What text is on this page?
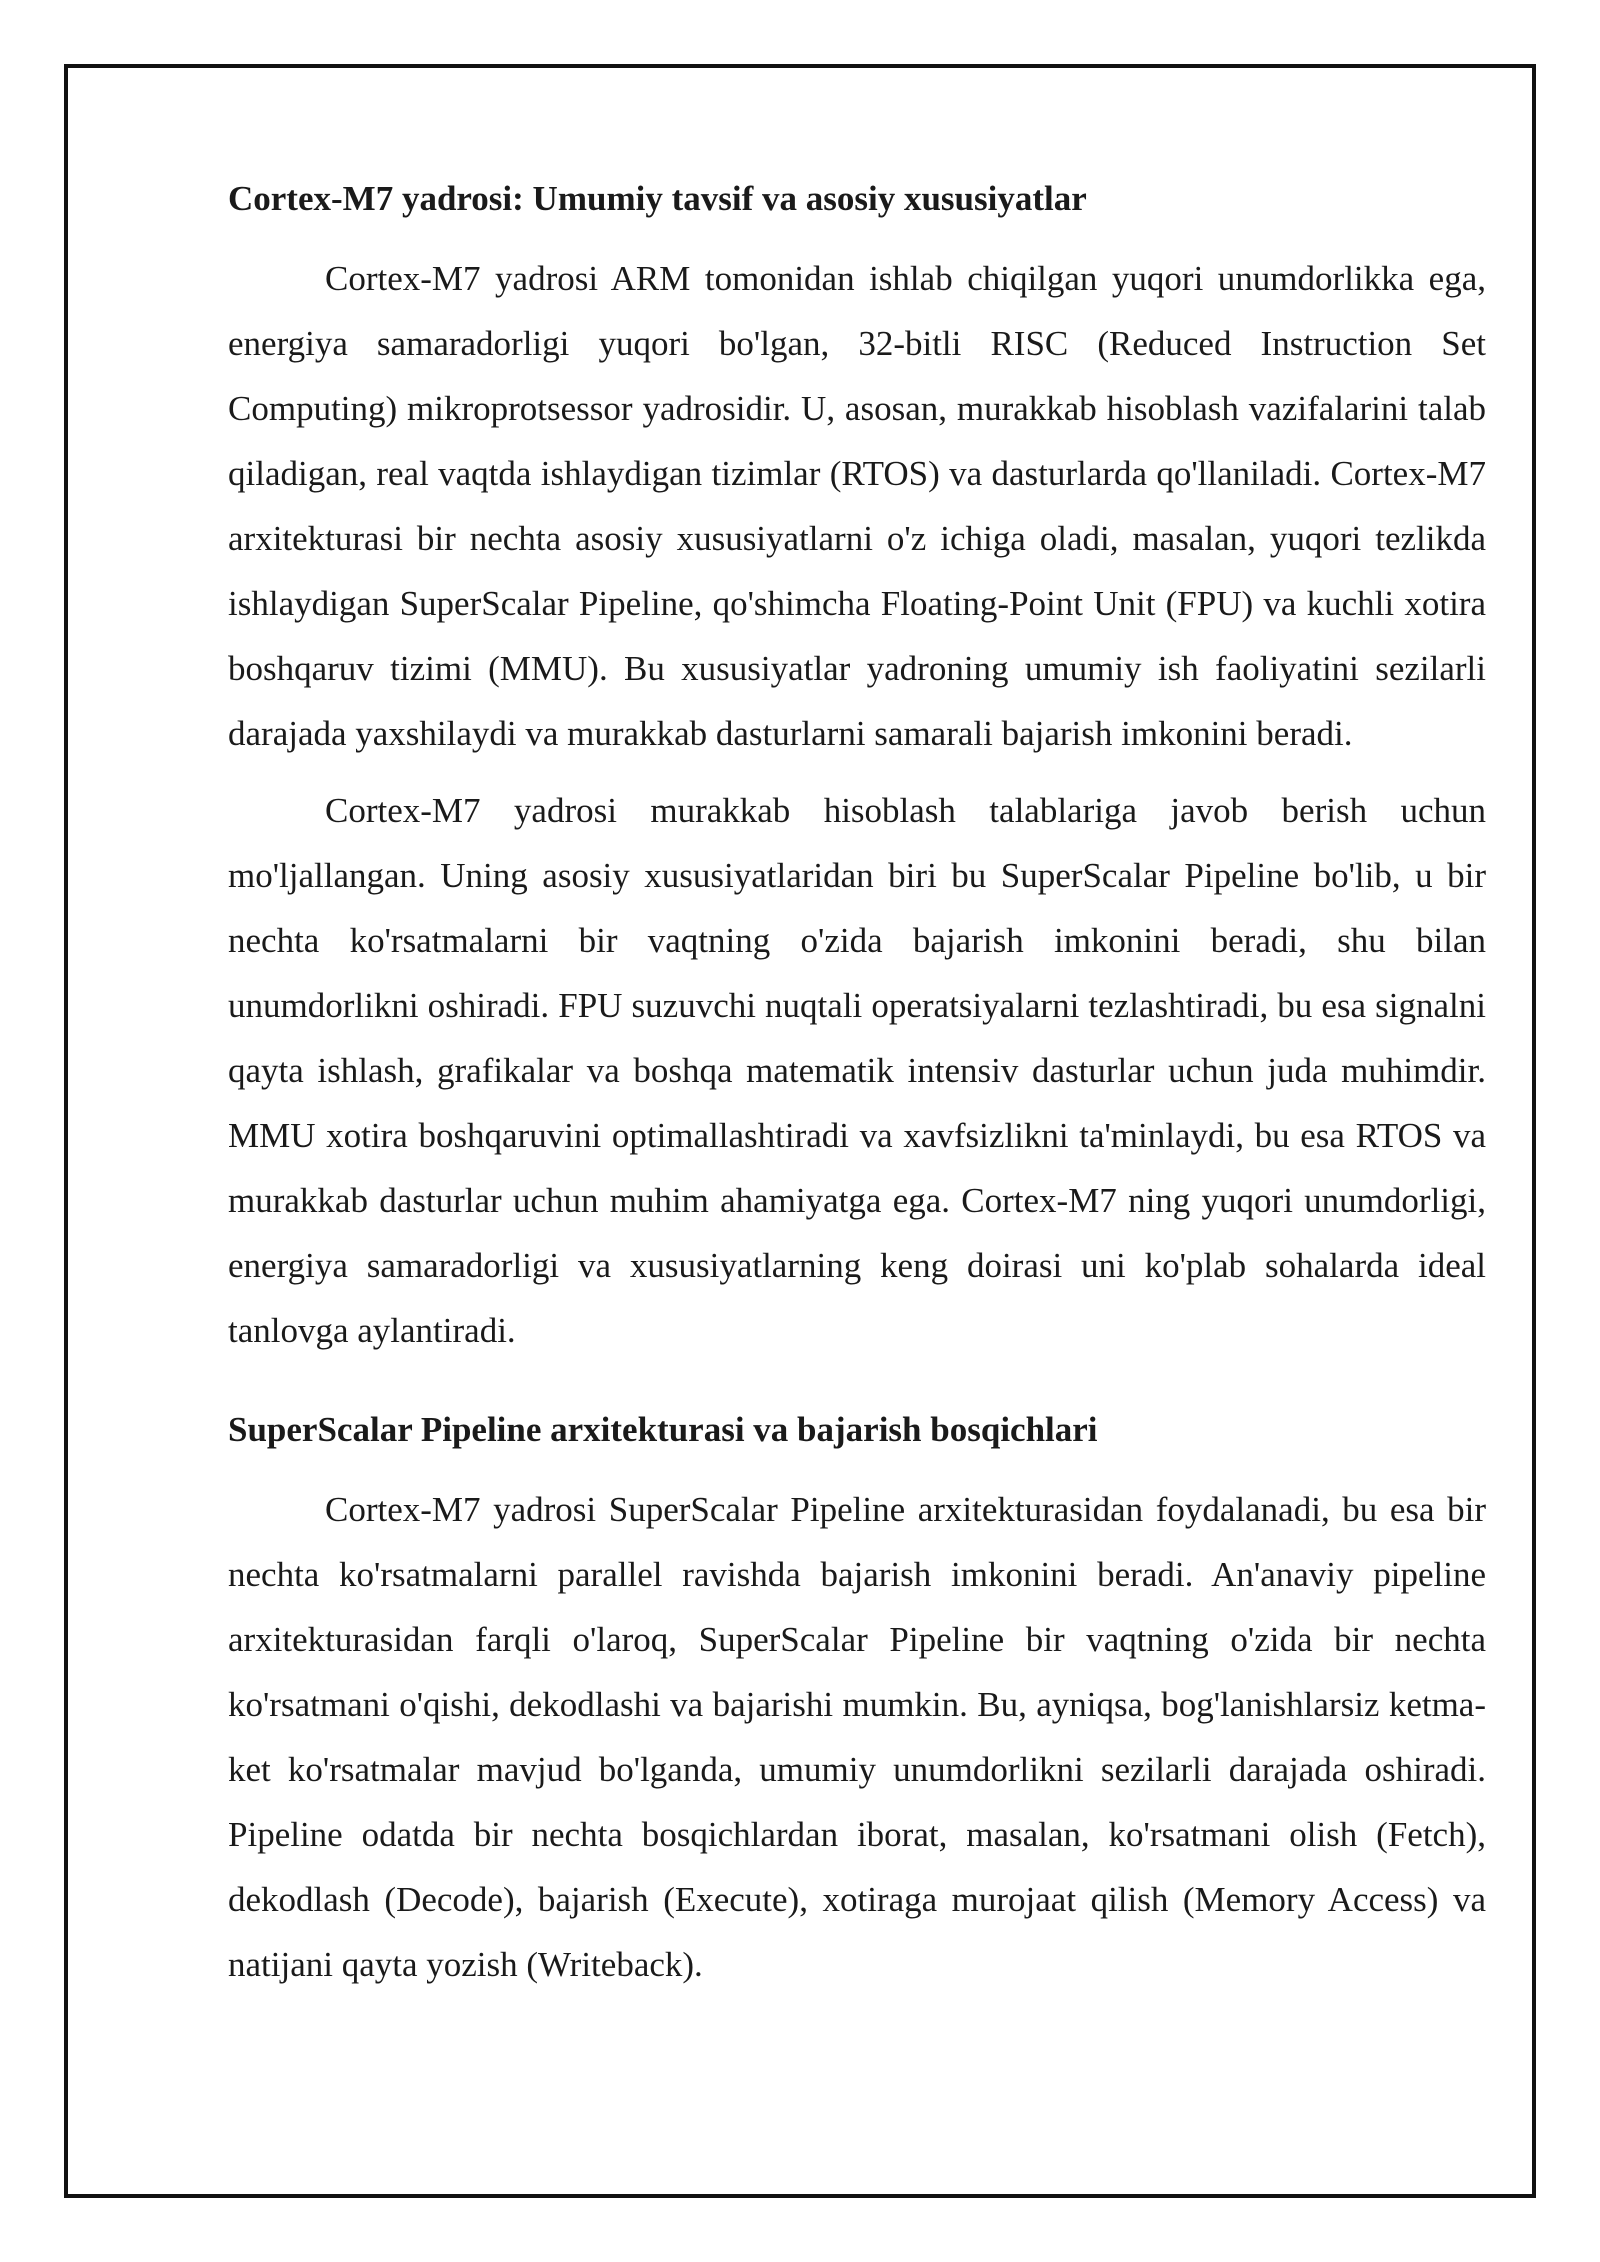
Cortex-M7 yadrosi: Umumiy tavsif va asosiy xususiyatlar

Cortex-M7 yadrosi ARM tomonidan ishlab chiqilgan yuqori unumdorlikka ega, energiya samaradorligi yuqori bo'lgan, 32-bitli RISC (Reduced Instruction Set Computing) mikroprotsessor yadrosidir. U, asosan, murakkab hisoblash vazifalarini talab qiladigan, real vaqtda ishlaydigan tizimlar (RTOS) va dasturlarda qo'llaniladi. Cortex-M7 arxitekturasi bir nechta asosiy xususiyatlarni o'z ichiga oladi, masalan, yuqori tezlikda ishlaydigan SuperScalar Pipeline, qo'shimcha Floating-Point Unit (FPU) va kuchli xotira boshqaruv tizimi (MMU). Bu xususiyatlar yadroning umumiy ish faoliyatini sezilarli darajada yaxshilaydi va murakkab dasturlarni samarali bajarish imkonini beradi.

Cortex-M7 yadrosi murakkab hisoblash talablariga javob berish uchun mo'ljallangan. Uning asosiy xususiyatlaridan biri bu SuperScalar Pipeline bo'lib, u bir nechta ko'rsatmalarni bir vaqtning o'zida bajarish imkonini beradi, shu bilan unumdorlikni oshiradi. FPU suzuvchi nuqtali operatsiyalarni tezlashtiradi, bu esa signalni qayta ishlash, grafikalar va boshqa matematik intensiv dasturlar uchun juda muhimdir. MMU xotira boshqaruvini optimallashtiradi va xavfsizlikni ta'minlaydi, bu esa RTOS va murakkab dasturlar uchun muhim ahamiyatga ega. Cortex-M7 ning yuqori unumdorligi, energiya samaradorligi va xususiyatlarning keng doirasi uni ko'plab sohalarda ideal tanlovga aylantiradi.

SuperScalar Pipeline arxitekturasi va bajarish bosqichlari

Cortex-M7 yadrosi SuperScalar Pipeline arxitekturasidan foydalanadi, bu esa bir nechta ko'rsatmalarni parallel ravishda bajarish imkonini beradi. An'anaviy pipeline arxitekturasidan farqli o'laroq, SuperScalar Pipeline bir vaqtning o'zida bir nechta ko'rsatmani o'qishi, dekodlashi va bajarishi mumkin. Bu, ayniqsa, bog'lanishlarsiz ketma-ket ko'rsatmalar mavjud bo'lganda, umumiy unumdorlikni sezilarli darajada oshiradi. Pipeline odatda bir nechta bosqichlardan iborat, masalan, ko'rsatmani olish (Fetch), dekodlash (Decode), bajarish (Execute), xotiraga murojaat qilish (Memory Access) va natijani qayta yozish (Writeback).
